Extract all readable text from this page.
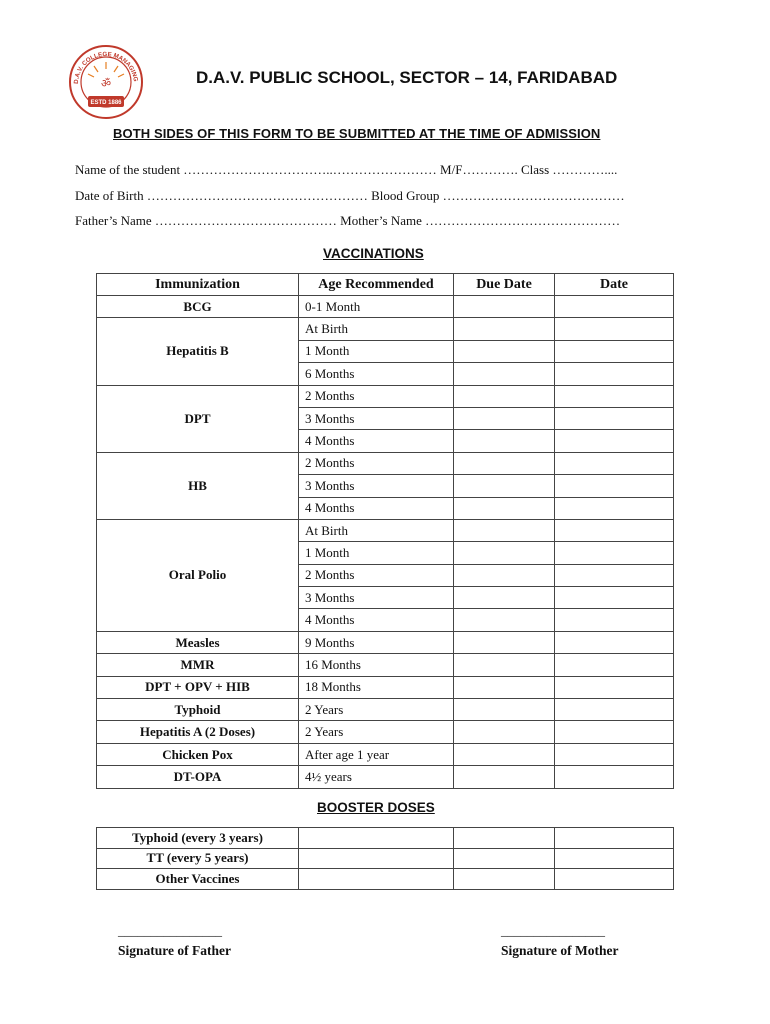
D.A.V. COLLEGE MANAGING
ॐ
ESTD 1886
D.A.V. PUBLIC SCHOOL, SECTOR – 14, FARIDABAD
BOTH SIDES OF THIS FORM TO BE SUBMITTED AT THE TIME OF ADMISSION
Name of the student ……………………………..…………………… M/F…………. Class …………....
Date of Birth …………………………………………… Blood Group ……………………………………
Father’s Name …………………………………… Mother’s Name ………………………………………
VACCINATIONS
Immunization	Age Recommended	Due Date	Date
BCG	0-1 Month		
Hepatitis B	At Birth		
	1 Month		
	6 Months		
DPT	2 Months		
	3 Months		
	4 Months		
HB	2 Months		
	3 Months		
	4 Months		
Oral Polio	At Birth		
	1 Month		
	2 Months		
	3 Months		
	4 Months		
Measles	9 Months		
MMR	16 Months		
DPT + OPV + HIB	18 Months		
Typhoid	2 Years		
Hepatitis A (2 Doses)	2 Years		
Chicken Pox	After age 1 year		
DT-OPA	4½ years		
BOOSTER DOSES
Typhoid (every 3 years)			
TT (every 5 years)			
Other Vaccines			
________________
Signature of Father
________________
Signature of Mother
